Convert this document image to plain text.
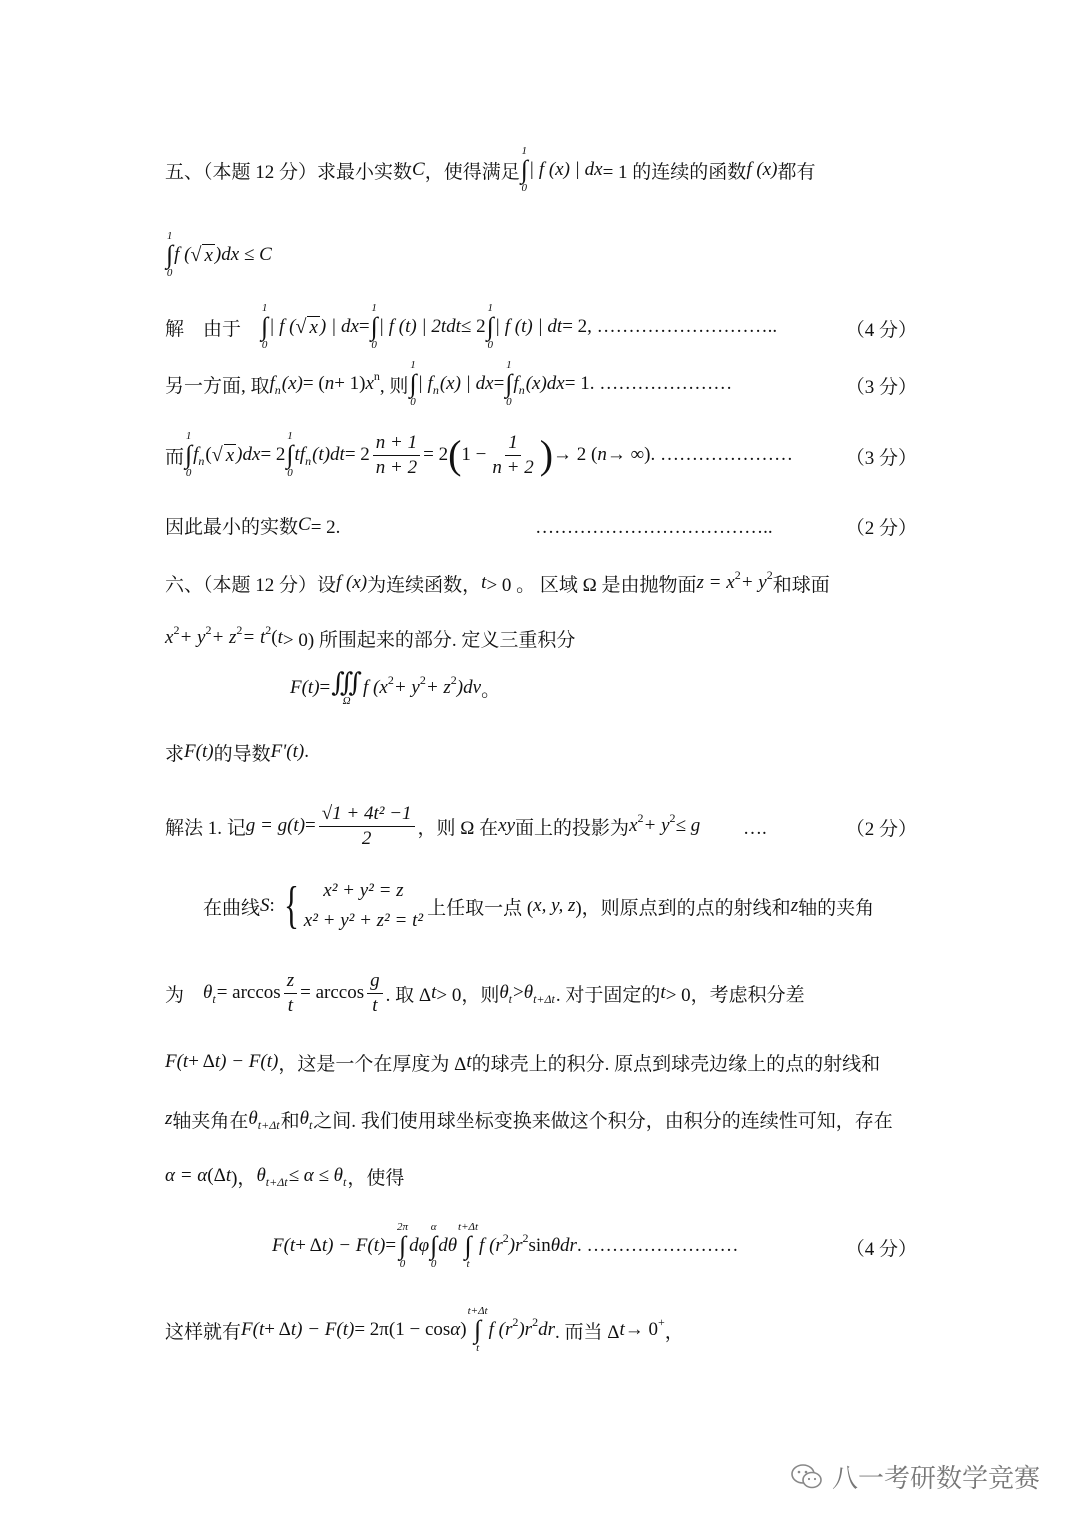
五、（本题 12 分）求最小实数 C ，使得满足
1
∫
0
| f (x) | dx = 1 的连续的函数 f (x) 都有
1
∫
0
f ( √ x )dx ≤ C
解　由于　
1
∫
0
| f ( √ x ) | dx =
1
∫
0
| f (t) | 2tdt ≤ 2
1
∫
0
| f (t) | dt = 2, ………………………..	（4 分）
另一方面, 取 f n (x) = ( n + 1) x n , 则
1
∫
0
| f n (x) | dx =
1
∫
0
f n (x)dx = 1. …………………	（3 分）
而
1
∫
0
f n ( √ x )dx = 2
1
∫
0
tf n $(t)dt = 2 \frac{n + 1}{n + 2} = 2$ ( $1 - \frac{1}{n + 2}$ ) → 2 ( n → ∞). …………………	（3 分）
因此最小的实数 C = 2.　　　　　　　　　　 ………………………………..	（2 分）
六、（本题 12 分）设 f (x) 为连续函数， t > 0 。 区域 Ω 是由抛物面 z = x 2 + y 2 和球面
x 2 + y 2 + z 2 = t 2 ( t > 0) 所围起来的部分. 定义三重积分
F(t) = ∭
Ω
f (x 2 + y 2 + z 2 )dv 。
求 F(t) 的导数 F'(t) .
解法 1. 记 $g = g(t) = \frac{\text{√1 + 4t² −1}}{2}$ ，则 Ω 在 xy 面上的投影为 x 2 + y 2 ≤ g 　　 ….	（2 分）
在曲线 S : {	x² + y² = z
x² + y² + z² = t²
上任取一点 ( x, y, z )，则原点到的点的射线和 z 轴的夹角
为　 θ $t = \arccos \frac{z}{t} = \arccos \frac{g}{t}$ . 取 Δ t > 0，则 θ t > θ t+Δt . 对于固定的 t > 0，考虑积分差
F(t + Δ t) − F(t) ，这是一个在厚度为 Δ t 的球壳上的积分. 原点到球壳边缘上的点的射线和
z 轴夹角在 θ t+Δt 和 θ t 之间. 我们使用球坐标变换来做这个积分，由积分的连续性可知，存在
α = α (Δ t )， θ t+Δt ≤ α ≤ θ t ，使得
F(t + Δ t) − F(t) =
2π
∫
0
dφ
α
∫
0
dθ
t+Δt
∫
t
f (r 2 )r 2 sin θdr . ……………………	（4 分）
这样就有 F(t + Δ t) − F(t) = 2π(1 − cos α )
t+Δt
∫
t
f (r 2 )r 2 dr . 而当 Δ t → 0 + ，
八一考研数学竞赛
